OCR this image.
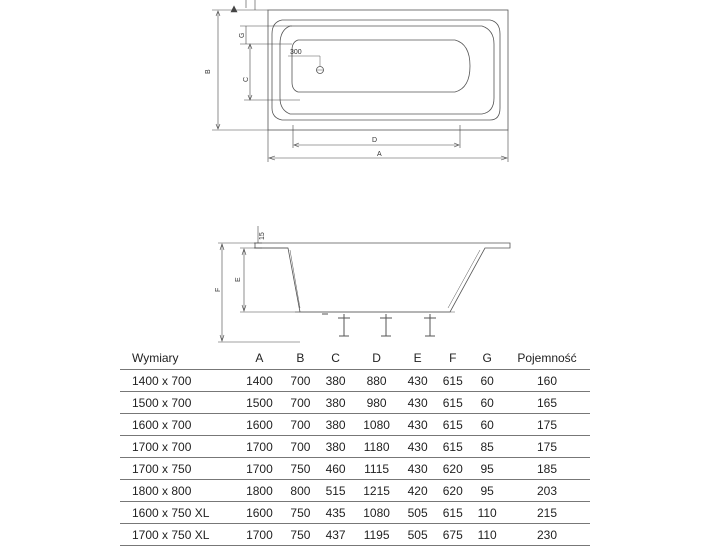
B
G
C
300
D
A
F
E
15
Wymiary	A	B	C	D	E	F	G	Pojemność
1400 x 700	1400	700	380	880	430	615	60	160
1500 x 700	1500	700	380	980	430	615	60	165
1600 x 700	1600	700	380	1080	430	615	60	175
1700 x 700	1700	700	380	1180	430	615	85	175
1700 x 750	1700	750	460	1115	430	620	95	185
1800 x 800	1800	800	515	1215	420	620	95	203
1600 x 750 XL	1600	750	435	1080	505	615	110	215
1700 x 750 XL	1700	750	437	1195	505	675	110	230
